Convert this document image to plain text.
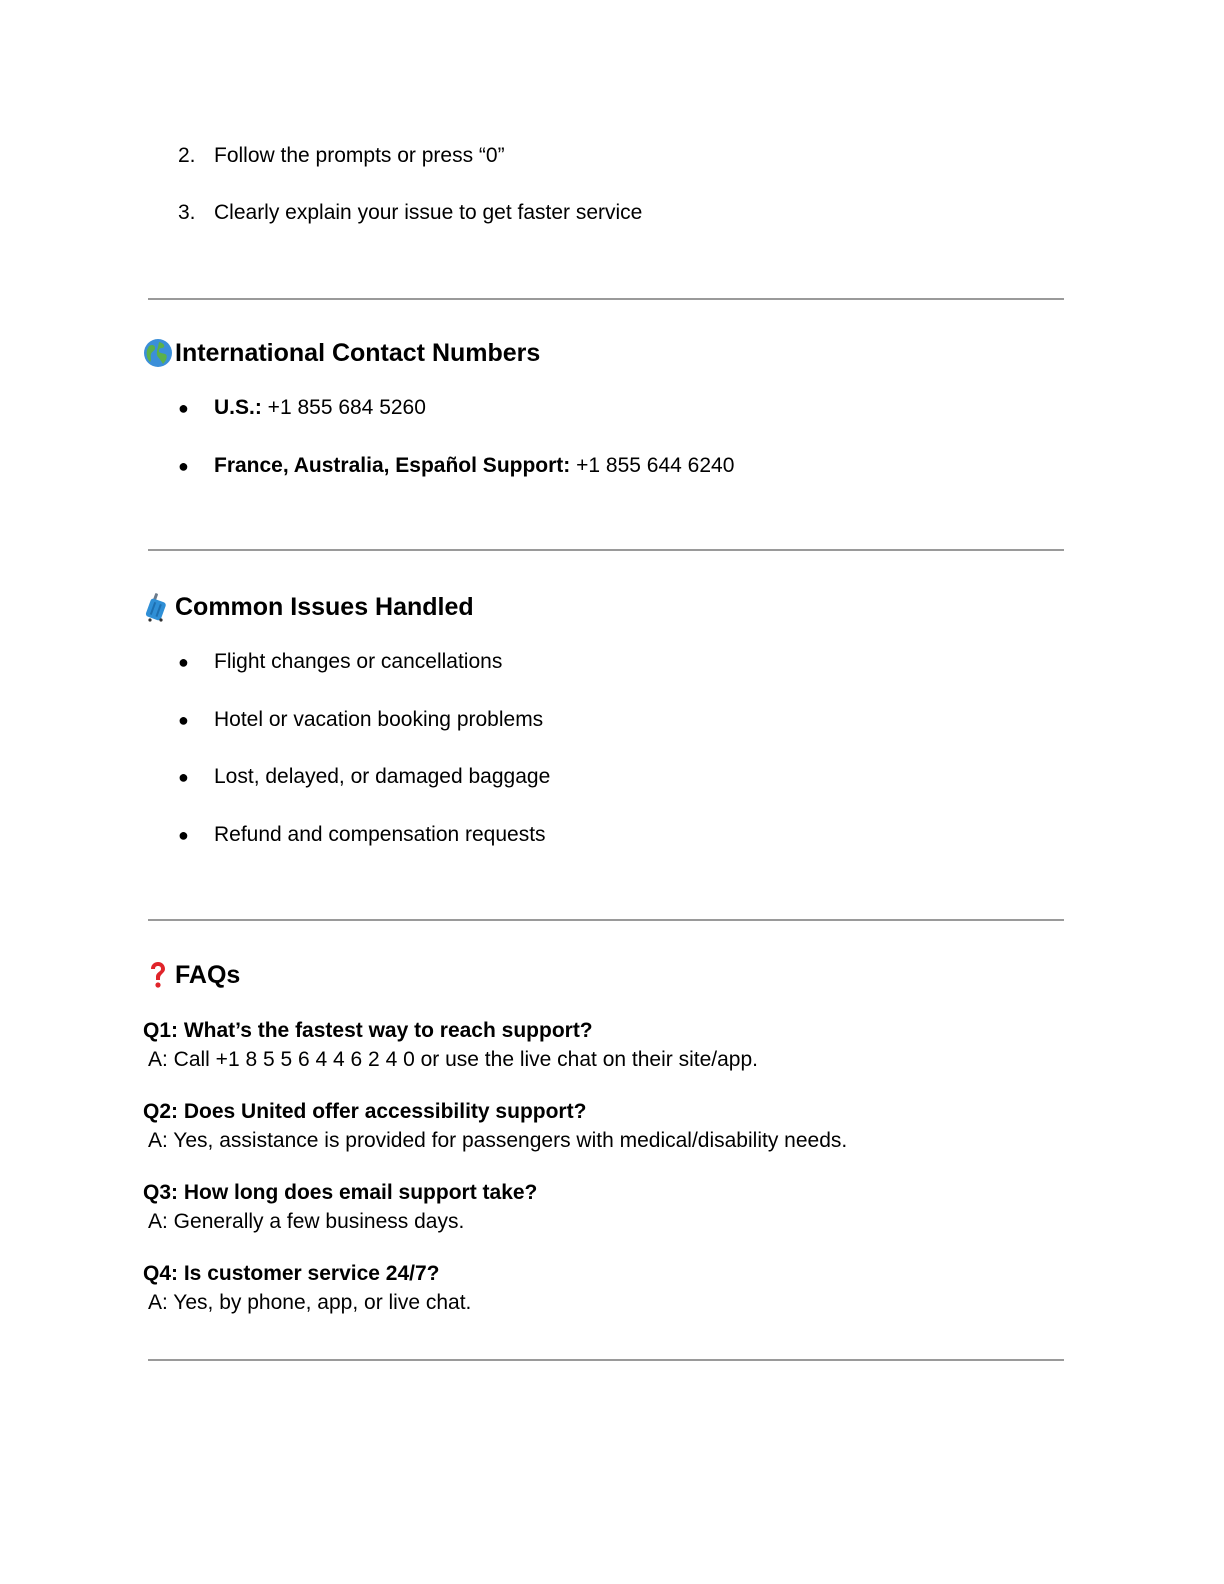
2. Follow the prompts or press “0”
3. Clearly explain your issue to get faster service
International Contact Numbers
● U.S.: +1 855 684 5260
● France, Australia, Español Support: +1 855 644 6240
Common Issues Handled
● Flight changes or cancellations
● Hotel or vacation booking problems
● Lost, delayed, or damaged baggage
● Refund and compensation requests
FAQs
Q1: What’s the fastest way to reach support?
A: Call +1 8 5 5 6 4 4 6 2 4 0 or use the live chat on their site/app.
Q2: Does United offer accessibility support?
A: Yes, assistance is provided for passengers with medical/disability needs.
Q3: How long does email support take?
A: Generally a few business days.
Q4: Is customer service 24/7?
A: Yes, by phone, app, or live chat.
